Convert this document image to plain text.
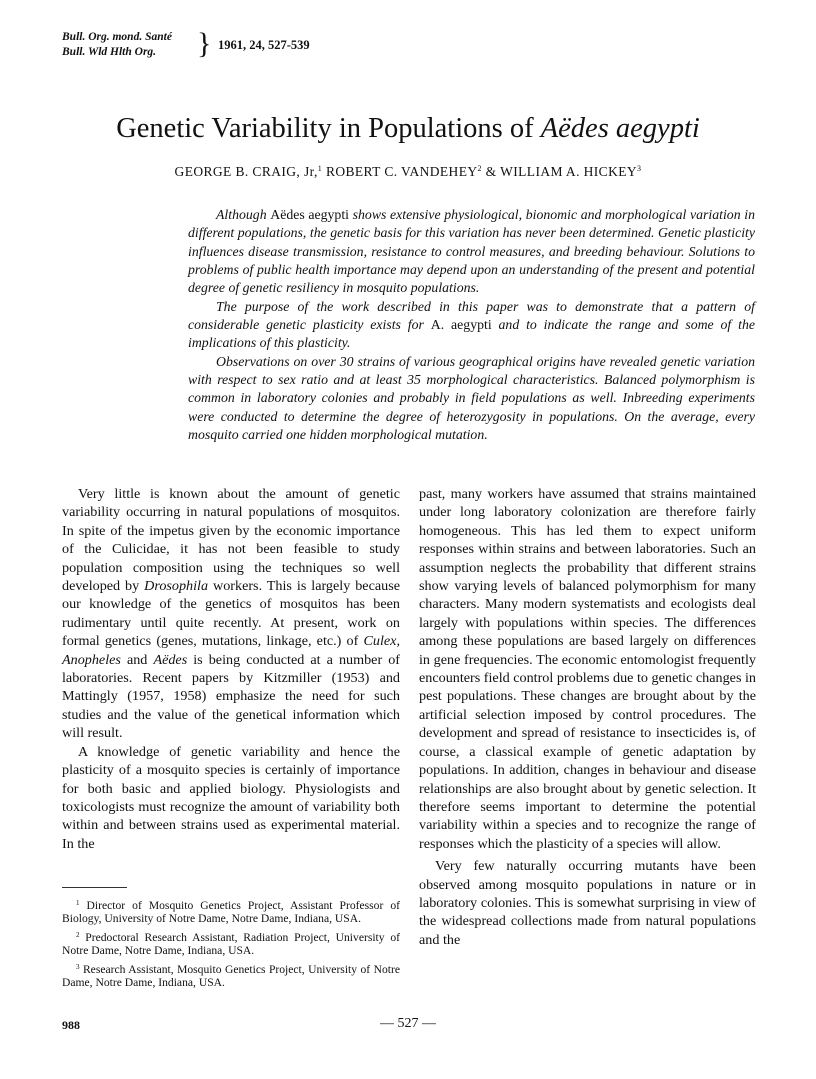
Bull. Org. mond. Santé
Bull. Wld Hlth Org.	} 1961, 24, 527-539
Genetic Variability in Populations of Aëdes aegypti
GEORGE B. CRAIG, Jr,$^1$ ROBERT C. VANDEHEY$^2$ & WILLIAM A. HICKEY$^3$

Although Aëdes aegypti shows extensive physiological, bionomic and morphological variation in different populations, the genetic basis for this variation has never been determined. Genetic plasticity influences disease transmission, resistance to control measures, and breeding behaviour. Solutions to problems of public health importance may depend upon an understanding of the present and potential degree of genetic resiliency in mosquito populations.

The purpose of the work described in this paper was to demonstrate that a pattern of considerable genetic plasticity exists for A. aegypti and to indicate the range and some of the implications of this plasticity.

Observations on over 30 strains of various geographical origins have revealed genetic variation with respect to sex ratio and at least 35 morphological characteristics. Balanced polymorphism is common in laboratory colonies and probably in field populations as well. Inbreeding experiments were conducted to determine the degree of heterozygosity in populations. On the average, every mosquito carried one hidden morphological mutation.

Very little is known about the amount of genetic variability occurring in natural populations of mosquitos. In spite of the impetus given by the economic importance of the Culicidae, it has not been feasible to study population composition using the techniques so well developed by Drosophila workers. This is largely because our knowledge of the genetics of mosquitos has been rudimentary until quite recently. At present, work on formal genetics (genes, mutations, linkage, etc.) of Culex, Anopheles and Aëdes is being conducted at a number of laboratories. Recent papers by Kitzmiller (1953) and Mattingly (1957, 1958) emphasize the need for such studies and the value of the genetical information which will result.

A knowledge of genetic variability and hence the plasticity of a mosquito species is certainly of importance for both basic and applied biology. Physiologists and toxicologists must recognize the amount of variability both within and between strains used as experimental material. In the

past, many workers have assumed that strains maintained under long laboratory colonization are therefore fairly homogeneous. This has led them to expect uniform responses within strains and between laboratories. Such an assumption neglects the probability that different strains show varying levels of balanced polymorphism for many characters. Many modern systematists and ecologists deal largely with populations within species. The differences among these populations are based largely on differences in gene frequencies. The economic entomologist frequently encounters field control problems due to genetic changes in pest populations. These changes are brought about by the artificial selection imposed by control procedures. The development and spread of resistance to insecticides is, of course, a classical example of genetic adaptation by populations. In addition, changes in behaviour and disease relationships are also brought about by genetic selection. It therefore seems important to determine the potential variability within a species and to recognize the range of responses which the plasticity of a species will allow.

Very few naturally occurring mutants have been observed among mosquito populations in nature or in laboratory colonies. This is somewhat surprising in view of the widespread collections made from natural populations and the

$^1$ Director of Mosquito Genetics Project, Assistant Professor of Biology, University of Notre Dame, Notre Dame, Indiana, USA.

$^2$ Predoctoral Research Assistant, Radiation Project, University of Notre Dame, Notre Dame, Indiana, USA.

$^3$ Research Assistant, Mosquito Genetics Project, University of Notre Dame, Notre Dame, Indiana, USA.

988	— 527 —
